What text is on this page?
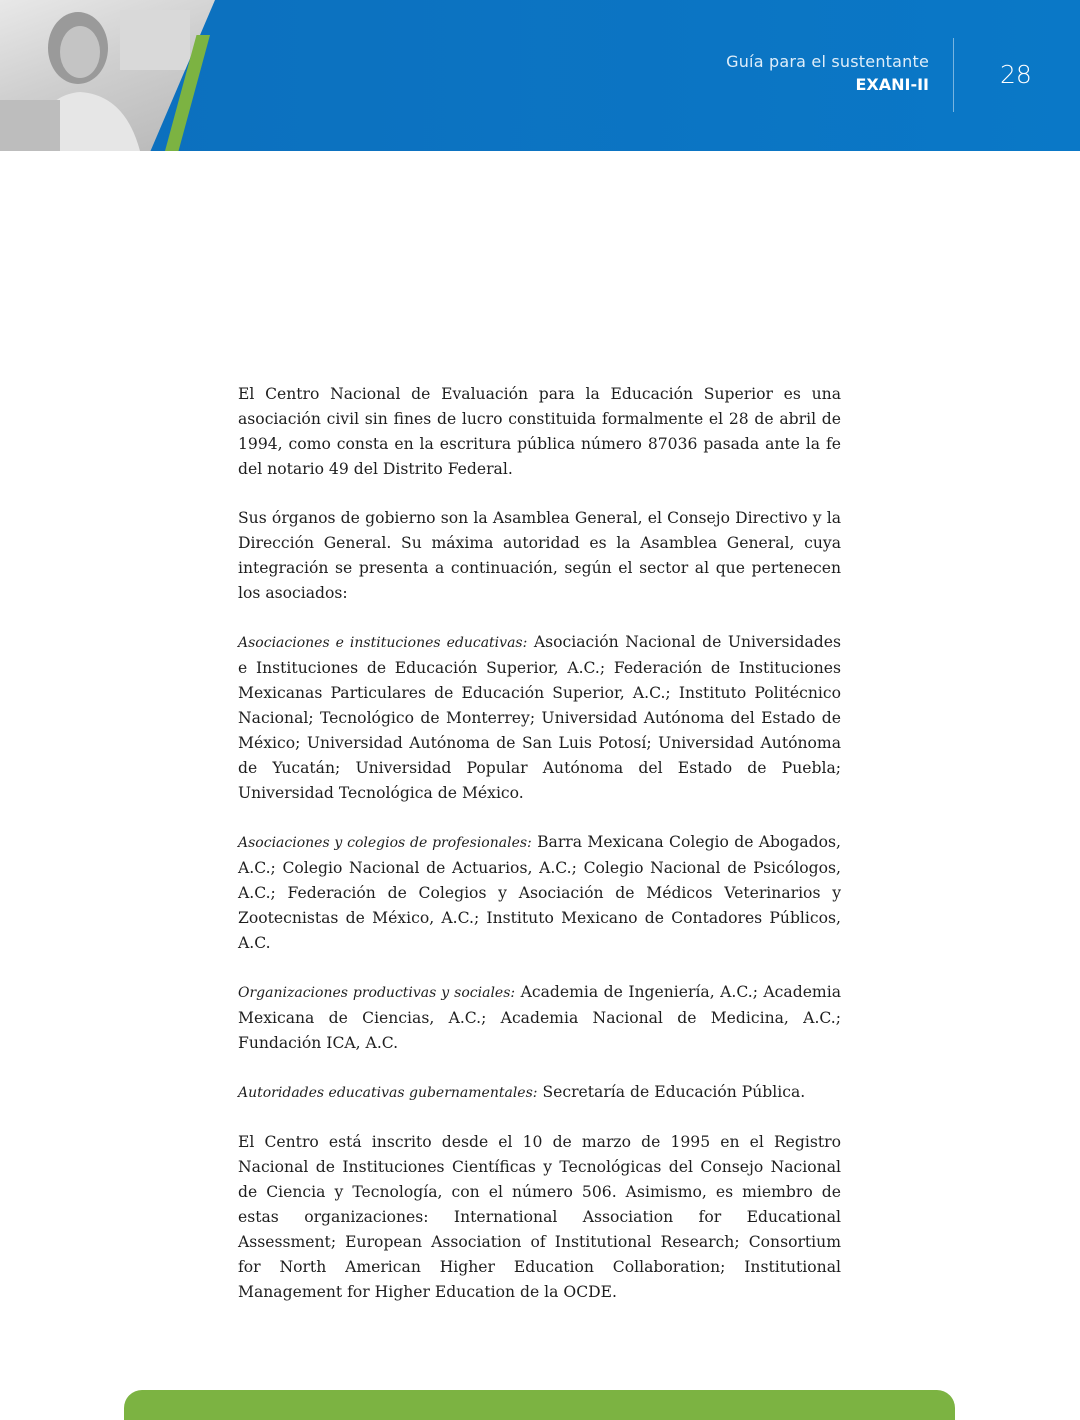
Guía para el sustentante
EXANI-II	28

El Centro Nacional de Evaluación para la Educación Superior es una asociación civil sin fines de lucro constituida formalmente el 28 de abril de 1994, como consta en la escritura pública número 87036 pasada ante la fe del notario 49 del Distrito Federal.

Sus órganos de gobierno son la Asamblea General, el Consejo Directivo y la Dirección General. Su máxima autoridad es la Asamblea General, cuya integración se presenta a continuación, según el sector al que pertenecen los asociados:

Asociaciones e instituciones educativas: Asociación Nacional de Universidades e Instituciones de Educación Superior, A.C.; Federación de Instituciones Mexicanas Particulares de Educación Superior, A.C.; Instituto Politécnico Nacional; Tecnológico de Monterrey; Universidad Autónoma del Estado de México; Universidad Autónoma de San Luis Potosí; Universidad Autónoma de Yucatán; Universidad Popular Autónoma del Estado de Puebla; Universidad Tecnológica de México.

Asociaciones y colegios de profesionales: Barra Mexicana Colegio de Abogados, A.C.; Colegio Nacional de Actuarios, A.C.; Colegio Nacional de Psicólogos, A.C.; Federación de Colegios y Asociación de Médicos Veterinarios y Zootecnistas de México, A.C.; Instituto Mexicano de Contadores Públicos, A.C.

Organizaciones productivas y sociales: Academia de Ingeniería, A.C.; Academia Mexicana de Ciencias, A.C.; Academia Nacional de Medicina, A.C.; Fundación ICA, A.C.

Autoridades educativas gubernamentales: Secretaría de Educación Pública.

El Centro está inscrito desde el 10 de marzo de 1995 en el Registro Nacional de Instituciones Científicas y Tecnológicas del Consejo Nacional de Ciencia y Tecnología, con el número 506. Asimismo, es miembro de estas organizaciones: International Association for Educational Assessment; European Association of Institutional Research; Consortium for North American Higher Education Collaboration; Institutional Management for Higher Education de la OCDE.
